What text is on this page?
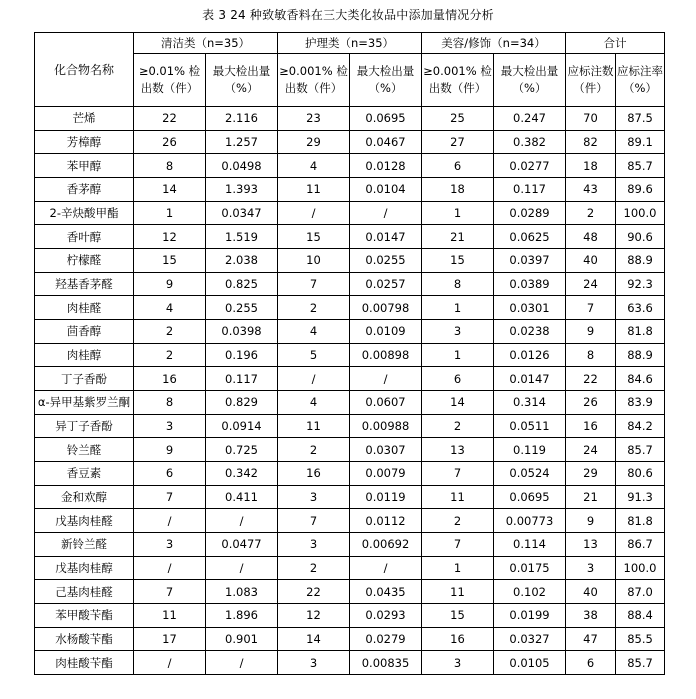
表 3 24 种致敏香料在三大类化妆品中添加量情况分析
化合物名称	清洁类（n=35）		护理类（n=35）		美容/修饰（n=34）		合计	
	≥0.01% 检出数（件）	最大检出量（%）	≥0.001% 检出数（件）	最大检出量（%）	≥0.001% 检出数（件）	最大检出量（%）	应标注数（件）	应标注率（%）
芒烯	22	2.116	23	0.0695	25	0.247	70	87.5
芳樟醇	26	1.257	29	0.0467	27	0.382	82	89.1
苯甲醇	8	0.0498	4	0.0128	6	0.0277	18	85.7
香茅醇	14	1.393	11	0.0104	18	0.117	43	89.6
2-辛炔酸甲酯	1	0.0347	/	/	1	0.0289	2	100.0
香叶醇	12	1.519	15	0.0147	21	0.0625	48	90.6
柠檬醛	15	2.038	10	0.0255	15	0.0397	40	88.9
羟基香茅醛	9	0.825	7	0.0257	8	0.0389	24	92.3
肉桂醛	4	0.255	2	0.00798	1	0.0301	7	63.6
茴香醇	2	0.0398	4	0.0109	3	0.0238	9	81.8
肉桂醇	2	0.196	5	0.00898	1	0.0126	8	88.9
丁子香酚	16	0.117	/	/	6	0.0147	22	84.6
α-异甲基紫罗兰酮	8	0.829	4	0.0607	14	0.314	26	83.9
异丁子香酚	3	0.0914	11	0.00988	2	0.0511	16	84.2
铃兰醛	9	0.725	2	0.0307	13	0.119	24	85.7
香豆素	6	0.342	16	0.0079	7	0.0524	29	80.6
金和欢醇	7	0.411	3	0.0119	11	0.0695	21	91.3
戊基肉桂醛	/	/	7	0.0112	2	0.00773	9	81.8
新铃兰醛	3	0.0477	3	0.00692	7	0.114	13	86.7
戊基肉桂醇	/	/	2	/	1	0.0175	3	100.0
己基肉桂醛	7	1.083	22	0.0435	11	0.102	40	87.0
苯甲酸苄酯	11	1.896	12	0.0293	15	0.0199	38	88.4
水杨酸苄酯	17	0.901	14	0.0279	16	0.0327	47	85.5
肉桂酸苄酯	/	/	3	0.00835	3	0.0105	6	85.7
